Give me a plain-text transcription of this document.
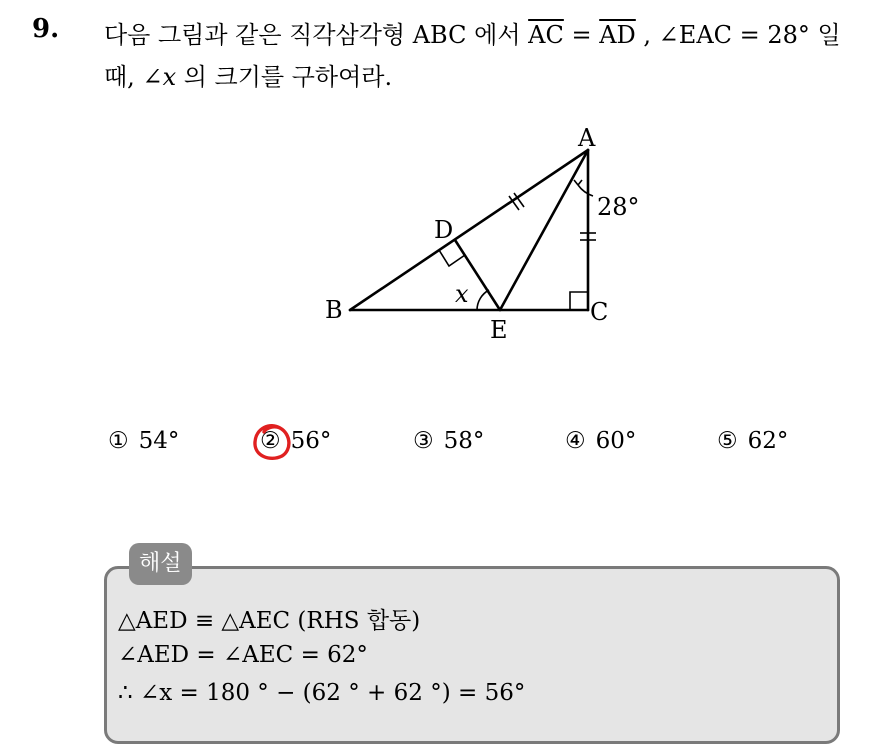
9. 다음 그림과 같은 직각삼각형 ABC 에서 $\overline{AC} = \overline{AD}$ , ∠EAC = 28° 일
때, ∠x 의 크기를 구하여라.
A
B	C
D
E
x
28°
① 54°	② 56°	③ 58°	④ 60°	⑤ 62°
해설
△AED ≡ △AEC (RHS 합동)
∠AED = ∠AEC = 62°
∴ ∠x = 180 ° − (62 ° + 62 °) = 56°
